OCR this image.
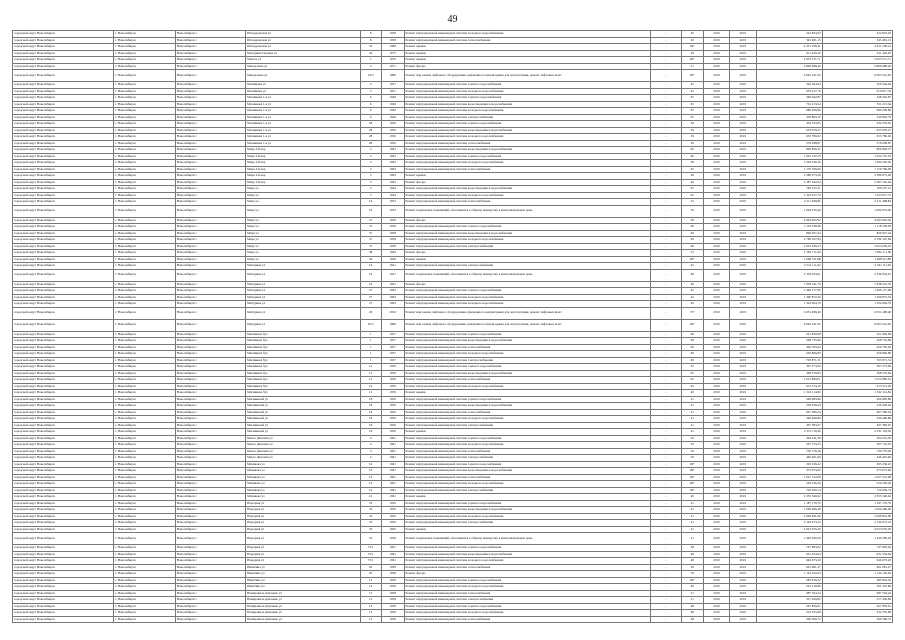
49
городской округ Новосибирск	г. Новосибирск	Новосибирск г	Ипподромская ул	8	1958	Ремонт внутридомовой инженерной системы холодного водоснабжения	-	20	2019	2019	224 823,93	224 823,93
городской округ Новосибирск	г. Новосибирск	Новосибирск г	Ипподромская ул	8	1958	Ремонт внутридомовой инженерной системы теплоснабжения	-	20	2019	2019	345 481,15	345 481,15
городской округ Новосибирск	г. Новосибирск	Новосибирск г	Ипподромская ул	53	1988	Ремонт крыши	-	49*	2019	2019	4 451 258,41	4 451 258,41
городской округ Новосибирск	г. Новосибирск	Новосибирск г	Мичурина Героина ул	42	1975	Ремонт крыши	-	49	2019	2019	911 426,20	911 426,20
городской округ Новосибирск	г. Новосибирск	Новосибирск г	Марата ул	1	1976	Ремонт крыши	-	49*	2019	2019	2 923 571,71	2 923 571,71
городской округ Новосибирск	г. Новосибирск	Новосибирск г	Менделеева ул	5	1971	Ремонт фасада	-	51	2019	2019	2 869 688,40	2 869 688,40
городской округ Новосибирск	г. Новосибирск	Новосибирск г	Менделеева ул	24/3	1986	Ремонт или замена лифтового оборудования, признанного непригодным для эксплуатации, ремонт лифтовых шахт	-	49*	2019	2019	6 065 241,95	6 065 241,95
городской округ Новосибирск	г. Новосибирск	Новосибирск г	Мечникова ул	2	1951	Ремонт внутридомовой инженерной системы горячего водоснабжения	-	45	2019	2019	326 564,94	326 564,94
городской округ Новосибирск	г. Новосибирск	Новосибирск г	Мечникова ул	2	1951	Ремонт внутридомовой инженерной системы холодного водоснабжения	-	45	2019	2019	670 617,76	670 617,76
городской округ Новосибирск	г. Новосибирск	Новосибирск г	Мечникова 1-я ул	6	1949	Ремонт внутридомовой инженерной системы горячего водоснабжения	-	65	2019	2019	348 262,87	348 262,87
городской округ Новосибирск	г. Новосибирск	Новосибирск г	Мечникова 1-я ул	6	1949	Ремонт внутридомовой инженерной системы водоотведения и водоснабжения	-	65	2019	2019	761 213,64	761 213,64
городской округ Новосибирск	г. Новосибирск	Новосибирск г	Мечникова 1-я ул	6	1949	Ремонт внутридомовой инженерной системы холодного водоснабжения	-	65	2019	2019	680 209,86	680 209,86
городской округ Новосибирск	г. Новосибирск	Новосибирск г	Мечникова 1-я ул	6	1949	Ремонт внутридомовой инженерной системы электроснабжения	-	65	2019	2019	330 863,79	330 863,79
городской округ Новосибирск	г. Новосибирск	Новосибирск г	Мечникова 1-я ул	28	1956	Ремонт внутридомовой инженерной системы горячего водоснабжения	-	39	2019	2019	434 333,65	434 333,65
городской округ Новосибирск	г. Новосибирск	Новосибирск г	Мечникова 1-я ул	28	1956	Ремонт внутридомовой инженерной системы водоотведения и водоснабжения	-	39	2019	2019	653 979,27	653 979,27
городской округ Новосибирск	г. Новосибирск	Новосибирск г	Мечникова 1-я ул	28	1956	Ремонт внутридомовой инженерной системы холодного водоснабжения	-	39	2019	2019	653 780,02	653 780,02
городской округ Новосибирск	г. Новосибирск	Новосибирск г	Мечникова 1-я ул	28	1956	Ремонт внутридомовой инженерной системы теплоснабжения	-	39	2019	2019	579 038,87	579 038,87
городской округ Новосибирск	г. Новосибирск	Новосибирск г	Мира 3-й пер	5	1963	Ремонт внутридомовой инженерной системы водоотведения и водоснабжения	-	60	2019	2019	806 836,37	806 836,37
городской округ Новосибирск	г. Новосибирск	Новосибирск г	Мира 3-й пер	5	1963	Ремонт внутридомовой инженерной системы горячего водоснабжения	-	60	2019	2019	1 022 747,23	1 022 747,23
городской округ Новосибирск	г. Новосибирск	Новосибирск г	Мира 3-й пер	5	1963	Ремонт внутридомовой инженерной системы холодного водоснабжения	-	58	2019	2019	1 294 526,56	1 294 526,56
городской округ Новосибирск	г. Новосибирск	Новосибирск г	Мира 3-й пер	5	1963	Ремонт внутридомовой инженерной системы теплоснабжения	-	65	2019	2019	1 179 766,09	1 179 766,09
городской округ Новосибирск	г. Новосибирск	Новосибирск г	Мира 3-й пер	5	1963	Ремонт крыши	-	49	2019	2019	2 580 973,28	2 580 973,28
городской округ Новосибирск	г. Новосибирск	Новосибирск г	Мира 3-й пер	5	1963	Ремонт фасада	-	49	2019	2019	2 387 542,64	2 387 542,64
городской округ Новосибирск	г. Новосибирск	Новосибирск г	Мира ул	5	1944	Ремонт внутридомовой инженерной системы водоотведения и водоснабжения	-	65	2019	2019	769 237,21	769 237,21
городской округ Новосибирск	г. Новосибирск	Новосибирск г	Мира ул	5	1944	Ремонт внутридомовой инженерной системы холодного водоснабжения	-	65	2019	2019	1 323 917,72	1 323 917,72
городской округ Новосибирск	г. Новосибирск	Новосибирск г	Мира ул	16	1953	Ремонт внутридомовой инженерной системы теплоснабжения	-	52	2019	2019	2 211 498,84	2 211 498,84
городской округ Новосибирск	г. Новосибирск	Новосибирск г	Мира ул	16	1953	Ремонт подвальных помещений, относящихся к общему имуществу в многоквартирном доме	-	59	2019	2019	1 064 976,40	1 064 976,40
городской округ Новосибирск	г. Новосибирск	Новосибирск г	Мира ул	27	1958	Ремонт фасада	-	58	2019	2019	4 093 002,92	4 093 002,92
городской округ Новосибирск	г. Новосибирск	Новосибирск г	Мира ул	37	1958	Ремонт внутридомовой инженерной системы горячего водоснабжения	-	69	2019	2019	1 118 538,58	1 118 538,58
городской округ Новосибирск	г. Новосибирск	Новосибирск г	Мира ул	37	1958	Ремонт внутридомовой инженерной системы водоотведения и водоснабжения	-	69	2019	2019	866 927,44	866 927,44
городской округ Новосибирск	г. Новосибирск	Новосибирск г	Мира ул	37	1958	Ремонт внутридомовой инженерной системы холодного водоснабжения	-	69	2019	2019	2 789 167,84	2 789 167,84
городской округ Новосибирск	г. Новосибирск	Новосибирск г	Мира ул	37	1958	Ремонт внутридомовой инженерной системы электроснабжения	-	69	2019	2019	2 023 639,23	2 023 639,23
городской округ Новосибирск	г. Новосибирск	Новосибирск г	Мира ул	48	1949	Ремонт фасада	-	55	2019	2019	1 584 171,06	1 584 171,06
городской округ Новосибирск	г. Новосибирск	Новосибирск г	Мира ул	50	1949	Ремонт крыши	-	49*	2019	2019	1 698 511,88	1 698 511,88
городской округ Новосибирск	г. Новосибирск	Новосибирск г	Мичурина ул	16	1941	Ремонт внутридомовой инженерной системы электроснабжения	-	45	2019	2019	2 541 111,62	2 541 111,62
городской округ Новосибирск	г. Новосибирск	Новосибирск г	Мичурина ул	19	1941	Ремонт подвальных помещений, относящихся к общему имуществу в многоквартирном доме	-	48	2019	2019	2 336 034,61	2 336 034,61
городской округ Новосибирск	г. Новосибирск	Новосибирск г	Мичурина ул	19	1941	Ремонт фасада	-	40	2019	2019	7 938 241,70	7 938 241,70
городской округ Новосибирск	г. Новосибирск	Новосибирск г	Мичурина ул	27	1963	Ремонт внутридомовой инженерной системы горячего водоснабжения	-	42	2019	2019	1 466 177,99	1 466 177,99
городской округ Новосибирск	г. Новосибирск	Новосибирск г	Мичурина ул	27	1963	Ремонт внутридомовой инженерной системы холодного водоснабжения	-	42	2019	2019	1 290 872,32	1 290 872,32
городской округ Новосибирск	г. Новосибирск	Новосибирск г	Мичурина ул	27	1963	Ремонт внутридомовой инженерной системы холодного водоснабжения	-	42	2019	2019	1 324 064,79	1 324 064,79
городской округ Новосибирск	г. Новосибирск	Новосибирск г	Мичурина ул	29	1934	Ремонт или замена лифтового оборудования, признанного непригодным для эксплуатации, ремонт лифтовых шахт	-	72*	2019	2019	6 051 498,40	6 051 498,40
городской округ Новосибирск	г. Новосибирск	Новосибирск г	Мичурина ул	20/3	1986	Ремонт или замена лифтового оборудования, признанного непригодным для эксплуатации, ремонт лифтовых шахт	-	49*	2019	2019	6 065 241,95	6 065 241,95
городской округ Новосибирск	г. Новосибирск	Новосибирск г	Мясникова бул	1	1957	Ремонт внутридомовой инженерной системы горячего водоснабжения	-	69	2019	2019	221 850,68	221 850,68
городской округ Новосибирск	г. Новосибирск	Новосибирск г	Мясникова бул	1	1957	Ремонт внутридомовой инженерной системы водоотведения и водоснабжения	-	69	2019	2019	268 735,96	268 735,96
городской округ Новосибирск	г. Новосибирск	Новосибирск г	Мясникова бул	1	1957	Ремонт внутридомовой инженерной системы теплоснабжения	-	69	2019	2019	426 765,62	426 765,62
городской округ Новосибирск	г. Новосибирск	Новосибирск г	Мясникова бул	1	1957	Ремонт внутридомовой инженерной системы холодного водоснабжения	-	69	2019	2019	659 866,80	659 866,80
городской округ Новосибирск	г. Новосибирск	Новосибирск г	Мясникова бул	1	1957	Ремонт внутридомовой инженерной системы электроснабжения	-	69	2019	2019	703 871,31	703 871,31
городской округ Новосибирск	г. Новосибирск	Новосибирск г	Мясникова бул	12	1959	Ремонт внутридомовой инженерной системы горячего водоснабжения	-	65	2019	2019	397 273,69	397 273,69
городской округ Новосибирск	г. Новосибирск	Новосибирск г	Мясникова бул	12	1959	Ремонт внутридомовой инженерной системы водоотведения и водоснабжения	-	65	2019	2019	368 579,84	368 579,84
городской округ Новосибирск	г. Новосибирск	Новосибирск г	Мясникова бул	12	1959	Ремонт внутридомовой инженерной системы теплоснабжения	-	65	2019	2019	1 012 880,01	1 012 880,01
городской округ Новосибирск	г. Новосибирск	Новосибирск г	Мясникова бул	12	1959	Ремонт внутридомовой инженерной системы холодного водоснабжения	-	65	2019	2019	613 513,20	613 513,20
городской округ Новосибирск	г. Новосибирск	Новосибирск г	Мясникова бул	12	1959	Ремонт крыши	-	49	2019	2019	1 322 114,84	1 322 114,84
городской округ Новосибирск	г. Новосибирск	Новосибирск г	Мясниковой ул	18	1956	Ремонт внутридомовой инженерной системы горячего водоснабжения	-	41	2019	2019	266 985,86	266 985,86
городской округ Новосибирск	г. Новосибирск	Новосибирск г	Мясниковой ул	18	1956	Ремонт внутридомовой инженерной системы водоотведения и водоснабжения	-	41	2019	2019	236 458,44	236 458,44
городской округ Новосибирск	г. Новосибирск	Новосибирск г	Мясниковой ул	18	1956	Ремонт внутридомовой инженерной системы теплоснабжения	-	41	2019	2019	607 580,24	607 580,24
городской округ Новосибирск	г. Новосибирск	Новосибирск г	Мясниковой ул	18	1956	Ремонт внутридомовой инженерной системы холодного водоснабжения	-	41	2019	2019	346 466,89	346 466,89
городской округ Новосибирск	г. Новосибирск	Новосибирск г	Мясниковой ул	18	1956	Ремонт внутридомовой инженерной системы электроснабжения	-	41	2019	2019	407 383,67	407 383,67
городской округ Новосибирск	г. Новосибирск	Новосибирск г	Мясниковой ул	18	1956	Ремонт крыши	-	41	2019	2019	2 331 118,36	2 331 118,36
городской округ Новосибирск	г. Новосибирск	Новосибирск г	Мысы Джалиля ул	4	1961	Ремонт внутридомовой инженерной системы горячего водоснабжения	-	59	2019	2019	304 241,30	304 241,30
городской округ Новосибирск	г. Новосибирск	Новосибирск г	Мысы Джалиля ул	4	1961	Ремонт внутридомовой инженерной системы холодного водоснабжения	-	59	2019	2019	297 723,25	297 723,25
городской округ Новосибирск	г. Новосибирск	Новосибирск г	Мысы Джалиля ул	4	1961	Ремонт внутридомовой инженерной системы теплоснабжения	-	59	2019	2019	730 776,26	730 776,26
городской округ Новосибирск	г. Новосибирск	Новосибирск г	Мысы Джалиля ул	4	1961	Ремонт внутридомовой инженерной системы электроснабжения	-	59	2019	2019	446 401,60	446 401,60
городской округ Новосибирск	г. Новосибирск	Новосибирск г	Мячикова ул	16	1961	Ремонт внутридомовой инженерной системы горячего водоснабжения	-	49*	2019	2019	293 236,22	293 236,22
городской округ Новосибирск	г. Новосибирск	Новосибирск г	Мячикова ул	16	1961	Ремонт внутридомовой инженерной системы водоотведения и водоснабжения	-	49*	2019	2019	373 673,60	373 673,60
городской округ Новосибирск	г. Новосибирск	Новосибирск г	Мячикова ул	16	1961	Ремонт внутридомовой инженерной системы теплоснабжения	-	49*	2019	2019	1 027 512,08	1 027 512,08
городской округ Новосибирск	г. Новосибирск	Новосибирск г	Мячикова ул	16	1961	Ремонт внутридомовой инженерной системы холодного водоснабжения	-	49*	2019	2019	520 236,29	520 236,29
городской округ Новосибирск	г. Новосибирск	Новосибирск г	Мячикова ул	16	1961	Ремонт внутридомовой инженерной системы электроснабжения	-	49*	2019	2019	720 659,74	720 659,74
городской округ Новосибирск	г. Новосибирск	Новосибирск г	Мячикова ул	16	1961	Ремонт крыши	-	49	2019	2019	2 355 540,62	2 355 540,62
городской округ Новосибирск	г. Новосибирск	Новосибирск г	Народная ул	33	1956	Ремонт внутридомовой инженерной системы горячего водоснабжения	-	41	2019	2019	1 187 176,79	1 187 176,79
городской округ Новосибирск	г. Новосибирск	Новосибирск г	Народная ул	33	1956	Ремонт внутридомовой инженерной системы водоотведения и водоснабжения	-	41	2019	2019	1 066 286,40	1 066 286,40
городской округ Новосибирск	г. Новосибирск	Новосибирск г	Народная ул	33	1956	Ремонт внутридомовой инженерной системы холодного водоснабжения	-	41	2019	2019	2 099 841,00	2 099 841,00
городской округ Новосибирск	г. Новосибирск	Новосибирск г	Народная ул	33	1956	Ремонт внутридомовой инженерной системы электроснабжения	-	41	2019	2019	2 144 673,23	2 144 673,23
городской округ Новосибирск	г. Новосибирск	Новосибирск г	Народная ул	33	1956	Ремонт крыши	-	41	2019	2019	4 023 676,29	4 023 676,29
городской округ Новосибирск	г. Новосибирск	Новосибирск г	Народная ул	35	1958	Ремонт подвальных помещений, относящихся к общему имуществу в многоквартирном доме	-	41	2019	2019	1 449 399,29	1 449 399,29
городской округ Новосибирск	г. Новосибирск	Новосибирск г	Народная ул	73/1	1961	Ремонт внутридомовой инженерной системы горячего водоснабжения	-	48	2019	2019	747 893,02	747 893,02
городской округ Новосибирск	г. Новосибирск	Новосибирск г	Народная ул	73/1	1961	Ремонт внутридомовой инженерной системы водоотведения и водоснабжения	-	48	2019	2019	631 554,64	631 554,64
городской округ Новосибирск	г. Новосибирск	Новосибирск г	Народная ул	73/1	1961	Ремонт внутридомовой инженерной системы холодного водоснабжения	-	48	2019	2019	946 673,20	946 673,20
городской округ Новосибирск	г. Новосибирск	Новосибирск г	Никитина ул	65	1958	Ремонт внутридомовой инженерной системы теплоснабжения	-	39	2019	2019	661 081,27	661 081,27
городской округ Новосибирск	г. Новосибирск	Новосибирск г	Никитина ул	65	1958	Ремонт фасада	-	70	2019	2019	1 144 102,64	1 144 102,64
городской округ Новосибирск	г. Новосибирск	Новосибирск г	Никитина ул	12	1958	Ремонт внутридомовой инженерной системы горячего водоснабжения	-	49*	2019	2019	285 819,22	285 819,22
городской округ Новосибирск	г. Новосибирск	Новосибирск г	Никитина ул	12	1958	Ремонт внутридомовой инженерной системы холодного водоснабжения	-	49	2019	2019	291 210,86	291 210,86
городской округ Новосибирск	г. Новосибирск	Новосибирск г	Немировича-Данченко ул	12	1958	Ремонт внутридомовой инженерной системы теплоснабжения	-	51	2019	2019	987 764,24	987 764,24
городской округ Новосибирск	г. Новосибирск	Новосибирск г	Немировича-Данченко ул	12	1958	Ремонт внутридомовой инженерной системы электроснабжения	-	51	2019	2019	317 459,82	317 459,82
городской округ Новосибирск	г. Новосибирск	Новосибирск г	Немировича-Данченко ул	13	1958	Ремонт внутридомовой инженерной системы горячего водоснабжения	-	48	2019	2019	267 859,61	267 859,61
городской округ Новосибирск	г. Новосибирск	Новосибирск г	Немировича-Данченко ул	13	1958	Ремонт внутридомовой инженерной системы холодного водоснабжения	-	48	2019	2019	234 355,68	234 355,68
городской округ Новосибирск	г. Новосибирск	Новосибирск г	Немировича-Данченко ул	13	1958	Ремонт внутридомовой инженерной системы теплоснабжения	-	48	2019	2019	590 369,72	590 369,72
